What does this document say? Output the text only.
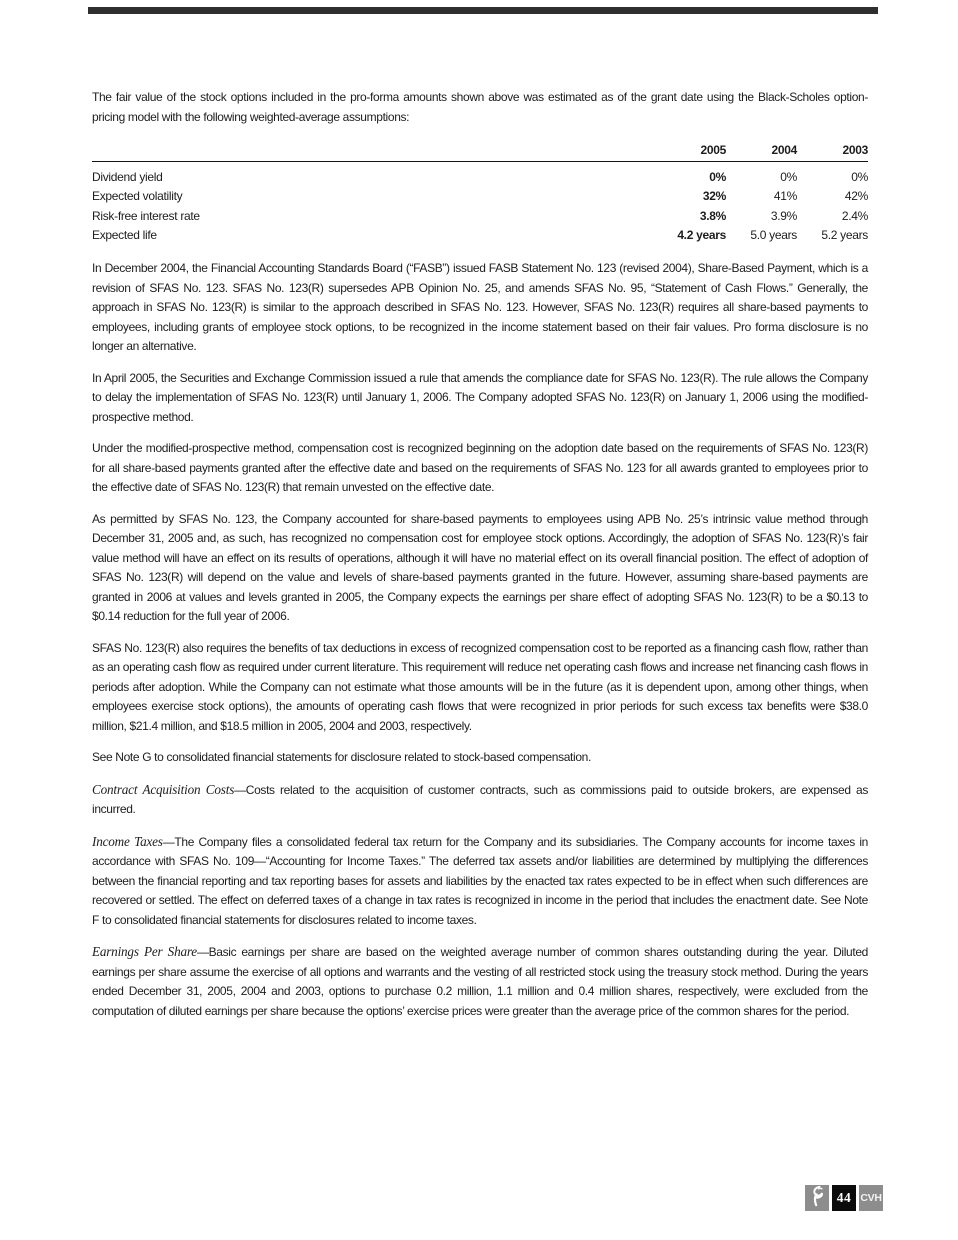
The fair value of the stock options included in the pro-forma amounts shown above was estimated as of the grant date using the Black-Scholes option-pricing model with the following weighted-average assumptions:

	2005	2004	2003
Dividend yield	0%	0%	0%
Expected volatility	32%	41%	42%
Risk-free interest rate	3.8%	3.9%	2.4%
Expected life	4.2 years	5.0 years	5.2 years

In December 2004, the Financial Accounting Standards Board (“FASB”) issued FASB Statement No. 123 (revised 2004), Share-Based Payment, which is a revision of SFAS No. 123. SFAS No. 123(R) supersedes APB Opinion No. 25, and amends SFAS No. 95, “Statement of Cash Flows.” Generally, the approach in SFAS No. 123(R) is similar to the approach described in SFAS No. 123. However, SFAS No. 123(R) requires all share-based payments to employees, including grants of employee stock options, to be recognized in the income statement based on their fair values. Pro forma disclosure is no longer an alternative.

In April 2005, the Securities and Exchange Commission issued a rule that amends the compliance date for SFAS No. 123(R). The rule allows the Company to delay the implementation of SFAS No. 123(R) until January 1, 2006. The Company adopted SFAS No. 123(R) on January 1, 2006 using the modified-prospective method.

Under the modified-prospective method, compensation cost is recognized beginning on the adoption date based on the requirements of SFAS No. 123(R) for all share-based payments granted after the effective date and based on the requirements of SFAS No. 123 for all awards granted to employees prior to the effective date of SFAS No. 123(R) that remain unvested on the effective date.

As permitted by SFAS No. 123, the Company accounted for share-based payments to employees using APB No. 25’s intrinsic value method through December 31, 2005 and, as such, has recognized no compensation cost for employee stock options. Accordingly, the adoption of SFAS No. 123(R)’s fair value method will have an effect on its results of operations, although it will have no material effect on its overall financial position. The effect of adoption of SFAS No. 123(R) will depend on the value and levels of share-based payments granted in the future. However, assuming share-based payments are granted in 2006 at values and levels granted in 2005, the Company expects the earnings per share effect of adopting SFAS No. 123(R) to be a $0.13 to $0.14 reduction for the full year of 2006.

SFAS No. 123(R) also requires the benefits of tax deductions in excess of recognized compensation cost to be reported as a financing cash flow, rather than as an operating cash flow as required under current literature. This requirement will reduce net operating cash flows and increase net financing cash flows in periods after adoption. While the Company can not estimate what those amounts will be in the future (as it is dependent upon, among other things, when employees exercise stock options), the amounts of operating cash flows that were recognized in prior periods for such excess tax benefits were $38.0 million, $21.4 million, and $18.5 million in 2005, 2004 and 2003, respectively.

See Note G to consolidated financial statements for disclosure related to stock-based compensation.

Contract Acquisition Costs—Costs related to the acquisition of customer contracts, such as commissions paid to outside brokers, are expensed as incurred.

Income Taxes—The Company files a consolidated federal tax return for the Company and its subsidiaries. The Company accounts for income taxes in accordance with SFAS No. 109—“Accounting for Income Taxes.” The deferred tax assets and/or liabilities are determined by multiplying the differences between the financial reporting and tax reporting bases for assets and liabilities by the enacted tax rates expected to be in effect when such differences are recovered or settled. The effect on deferred taxes of a change in tax rates is recognized in income in the period that includes the enactment date. See Note F to consolidated financial statements for disclosures related to income taxes.

Earnings Per Share—Basic earnings per share are based on the weighted average number of common shares outstanding during the year. Diluted earnings per share assume the exercise of all options and warrants and the vesting of all restricted stock using the treasury stock method. During the years ended December 31, 2005, 2004 and 2003, options to purchase 0.2 million, 1.1 million and 0.4 million shares, respectively, were excluded from the computation of diluted earnings per share because the options’ exercise prices were greater than the average price of the common shares for the period.

44 CVH
